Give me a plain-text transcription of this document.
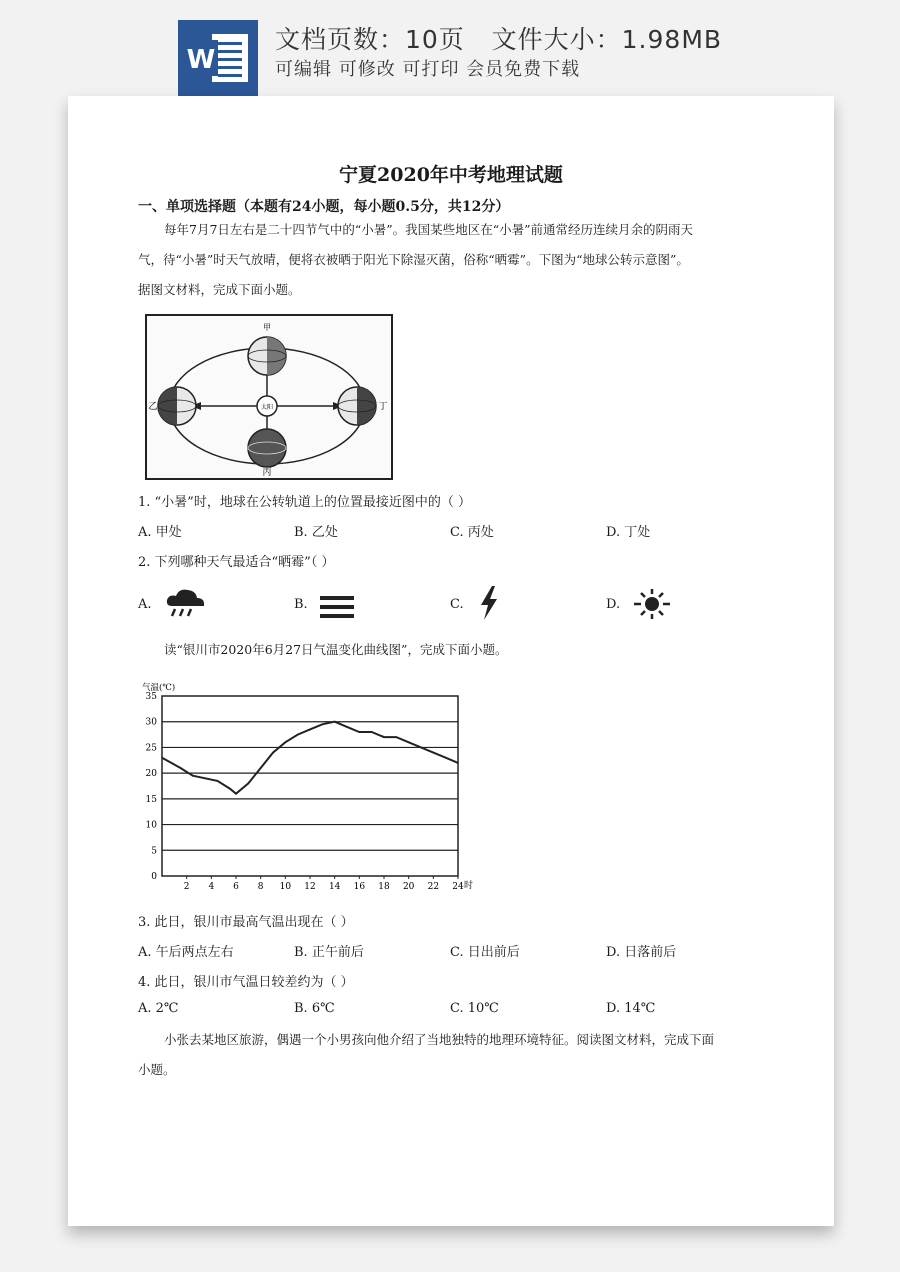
W
文档页数：10页   文件大小：1.98MB
可编辑 可修改 可打印 会员免费下载
宁夏2020年中考地理试题
一、单项选择题（本题有24小题，每小题0.5分，共12分）
每年7月7日左右是二十四节气中的“小暑”。我国某些地区在“小暑”前通常经历连续月余的阴雨天
气，待“小暑”时天气放晴，便将衣被晒于阳光下除湿灭菌，俗称“晒霉”。下图为“地球公转示意图”。
据图文材料，完成下面小题。
太阳
甲
乙
丙
丁
1. “小暑”时，地球在公转轨道上的位置最接近图中的（ ）
A. 甲处	B. 乙处	C. 丙处	D. 丁处
2. 下列哪种天气最适合“晒霉”（ ）
A.	B.	C.	D.
读“银川市2020年6月27日气温变化曲线图”，完成下面小题。
0
5
10
15
20
25
30
35
2 4 6 8 10 12 14 16 18 20 22 24
气温(℃)
时
3. 此日，银川市最高气温出现在（ ）
A. 午后两点左右	B. 正午前后	C. 日出前后	D. 日落前后
4. 此日，银川市气温日较差约为（ ）
A. 2℃	B. 6℃	C. 10℃	D. 14℃
小张去某地区旅游，偶遇一个小男孩向他介绍了当地独特的地理环境特征。阅读图文材料，完成下面
小题。
